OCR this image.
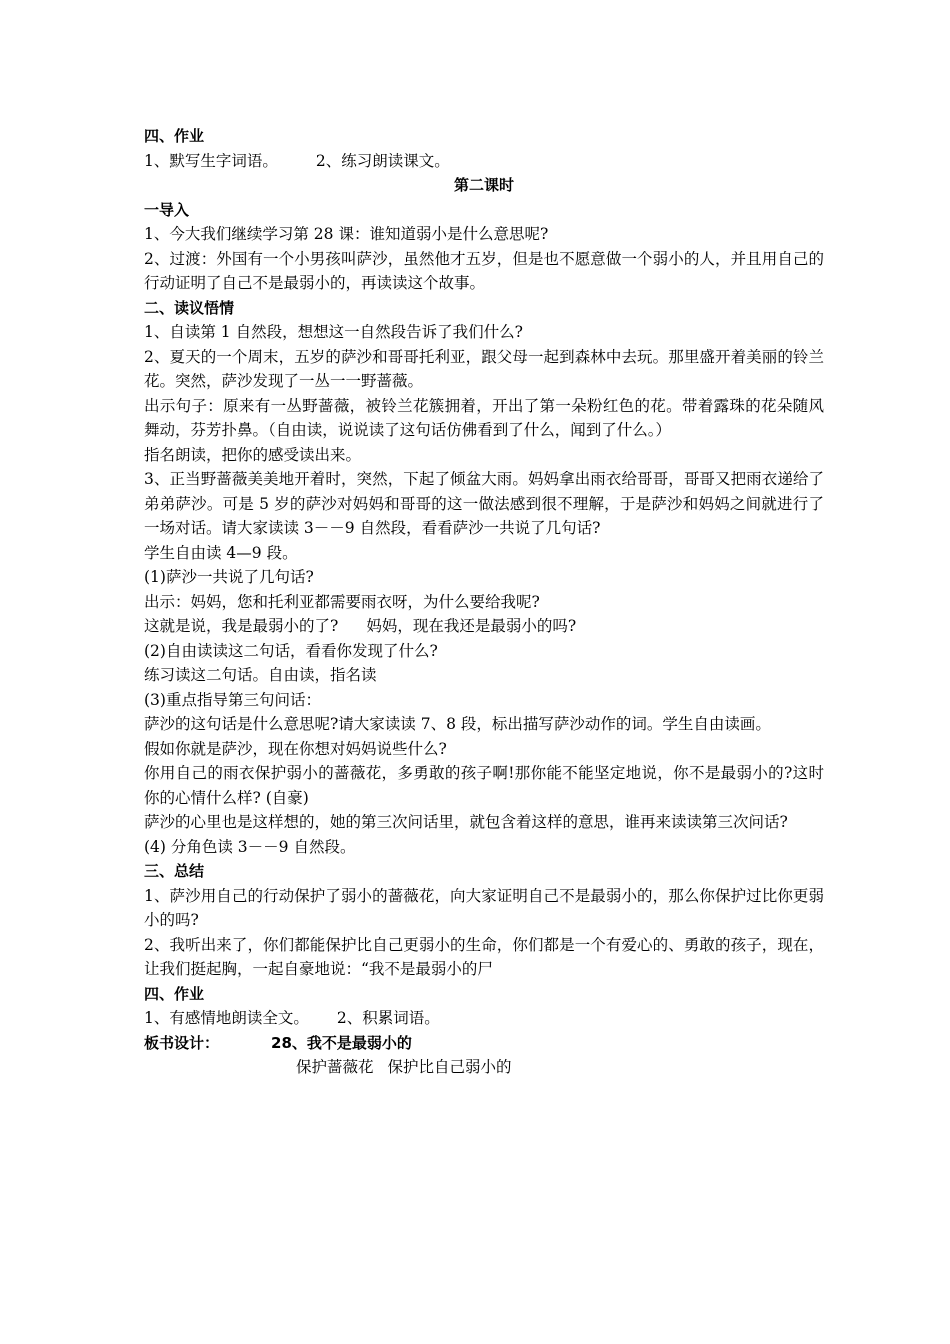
四、作业
1、默写生字词语。 2、练习朗读课文。
第二课时
一导入
1、今大我们继续学习第 28 课：谁知道弱小是什么意思呢?
2、过渡：外国有一个小男孩叫萨沙，虽然他才五岁，但是也不愿意做一个弱小的人，并且用自己的行动证明了自己不是最弱小的，再读读这个故事。
二、读议悟情
1、自读第 1 自然段，想想这一自然段告诉了我们什么?
2、夏天的一个周末，五岁的萨沙和哥哥托利亚，跟父母一起到森林中去玩。那里盛开着美丽的铃兰花。突然，萨沙发现了一丛一一野蔷薇。
出示句子：原来有一丛野蔷薇，被铃兰花簇拥着，开出了第一朵粉红色的花。带着露珠的花朵随风舞动，芬芳扑鼻。（自由读，说说读了这句话仿佛看到了什么，闻到了什么。）
指名朗读，把你的感受读出来。
3、正当野蔷薇美美地开着时，突然，下起了倾盆大雨。妈妈拿出雨衣给哥哥，哥哥又把雨衣递给了弟弟萨沙。可是 5 岁的萨沙对妈妈和哥哥的这一做法感到很不理解，于是萨沙和妈妈之间就进行了一场对话。请大家读读 3－－9 自然段，看看萨沙一共说了几句话?
学生自由读 4—9 段。
(1)萨沙一共说了几句话?
出示：妈妈，您和托利亚都需要雨衣呀，为什么要给我呢?
这就是说，我是最弱小的了? 妈妈，现在我还是最弱小的吗?
(2)自由读读这二句话，看看你发现了什么?
练习读这二句话。自由读，指名读
(3)重点指导第三句问话：
萨沙的这句话是什么意思呢?请大家读读 7、8 段，标出描写萨沙动作的词。学生自由读画。
假如你就是萨沙，现在你想对妈妈说些什么?
你用自己的雨衣保护弱小的蔷薇花，多勇敢的孩子啊!那你能不能坚定地说，你不是最弱小的?这时你的心情什么样? (自豪)
萨沙的心里也是这样想的，她的第三次问话里，就包含着这样的意思，谁再来读读第三次问话?
(4) 分角色读 3－－9 自然段。
三、总结
1、萨沙用自己的行动保护了弱小的蔷薇花，向大家证明自己不是最弱小的，那么你保护过比你更弱小的吗?
2、我听出来了，你们都能保护比自己更弱小的生命，你们都是一个有爱心的、勇敢的孩子，现在，让我们挺起胸，一起自豪地说：“我不是最弱小的尸
四、作业
1、有感情地朗读全文。 2、积累词语。
板书设计：	28、我不是最弱小的
保护蔷薇花 保护比自己弱小的
